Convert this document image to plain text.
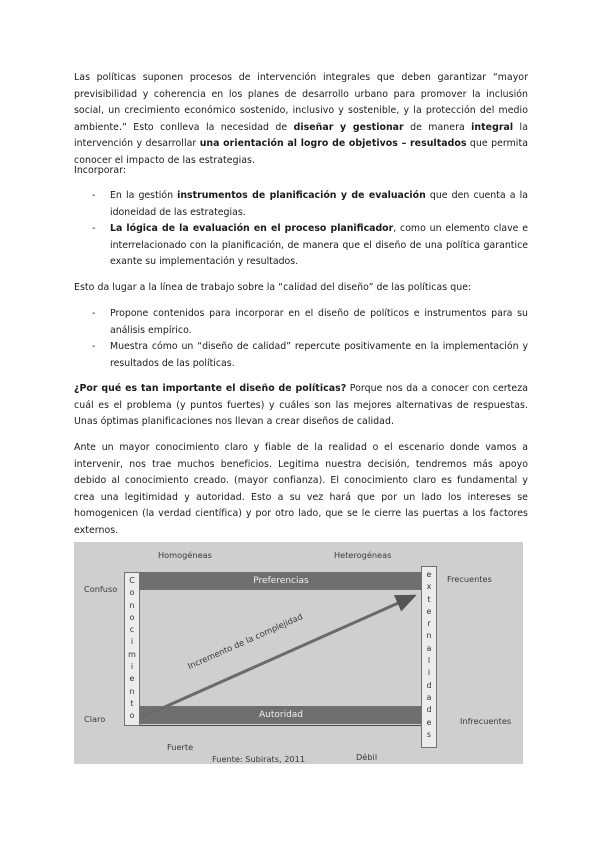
Las políticas suponen procesos de intervención integrales que deben garantizar “mayor previsibilidad y coherencia en los planes de desarrollo urbano para promover la inclusión social, un crecimiento económico sostenido, inclusivo y sostenible, y la protección del medio ambiente.” Esto conlleva la necesidad de diseñar y gestionar de manera integral la intervención y desarrollar una orientación al logro de objetivos – resultados que permita conocer el impacto de las estrategias.
Incorporar:
- En la gestión instrumentos de planificación y de evaluación que den cuenta a la idoneidad de las estrategias.
- La lógica de la evaluación en el proceso planificador, como un elemento clave e interrelacionado con la planificación, de manera que el diseño de una política garantice exante su implementación y resultados.
Esto da lugar a la línea de trabajo sobre la “calidad del diseño” de las políticas que:
- Propone contenidos para incorporar en el diseño de políticos e instrumentos para su análisis empírico.
- Muestra cómo un “diseño de calidad” repercute positivamente en la implementación y resultados de las políticas.
¿Por qué es tan importante el diseño de políticas? Porque nos da a conocer con certeza cuál es el problema (y puntos fuertes) y cuáles son las mejores alternativas de respuestas. Unas óptimas planificaciones nos llevan a crear diseños de calidad.
Ante un mayor conocimiento claro y fiable de la realidad o el escenario donde vamos a intervenir, nos trae muchos beneficios. Legitima nuestra decisión, tendremos más apoyo debido al conocimiento creado. (mayor confianza). El conocimiento claro es fundamental y crea una legitimidad y autoridad. Esto a su vez hará que por un lado los intereses se homogenicen (la verdad científica) y por otro lado, que se le cierre las puertas a los factores externos.
Homogéneas	Heterogéneas
Confuso
Claro
Frecuentes
Infrecuentes
Fuerte
Débil
Fuente: Subirats, 2011
Preferencias
Autoridad
C
o
n
o
c
i
m
i
e
n
t
o
e
x
t
e
r
n
a
l
i
d
a
d
e
s
Incremento de la complejidad
